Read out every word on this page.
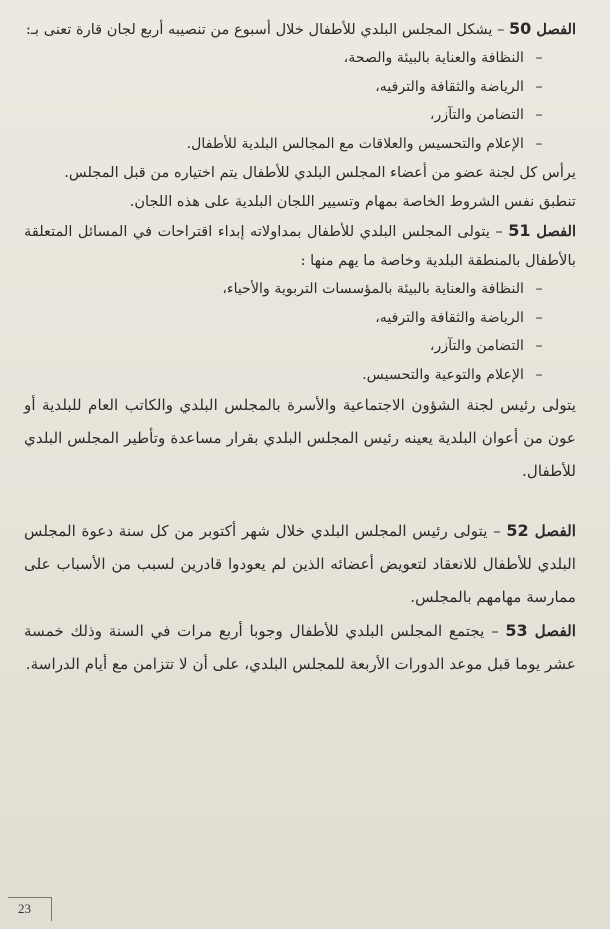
الفصل 50 – يشكل المجلس البلدي للأطفال خلال أسبوع من تنصيبه أربع لجان قارة تعنى بـ:

–النظافة والعناية بالبيئة والصحة،
–الرياضة والثقافة والترفيه،
–التضامن والتآزر،
–الإعلام والتحسيس والعلاقات مع المجالس البلدية للأطفال.

يرأس كل لجنة عضو من أعضاء المجلس البلدي للأطفال يتم اختياره من قبل المجلس.

تنطبق نفس الشروط الخاصة بمهام وتسيير اللجان البلدية على هذه اللجان.

الفصل 51 – يتولى المجلس البلدي للأطفال بمداولاته إبداء اقتراحات في المسائل المتعلقة بالأطفال بالمنطقة البلدية وخاصة ما يهم منها :

–النظافة والعناية بالبيئة بالمؤسسات التربوية والأحياء،
–الرياضة والثقافة والترفيه،
–التضامن والتآزر،
–الإعلام والتوعية والتحسيس.

يتولى رئيس لجنة الشؤون الاجتماعية والأسرة بالمجلس البلدي والكاتب العام للبلدية أو عون من أعوان البلدية يعينه رئيس المجلس البلدي بقرار مساعدة وتأطير المجلس البلدي للأطفال.

الفصل 52 – يتولى رئيس المجلس البلدي خلال شهر أكتوبر من كل سنة دعوة المجلس البلدي للأطفال للانعقاد لتعويض أعضائه الذين لم يعودوا قادرين لسبب من الأسباب على ممارسة مهامهم بالمجلس.

الفصل 53 – يجتمع المجلس البلدي للأطفال وجوبا أربع مرات في السنة وذلك خمسة عشر يوما قبل موعد الدورات الأربعة للمجلس البلدي، على أن لا تتزامن مع أيام الدراسة.

23
